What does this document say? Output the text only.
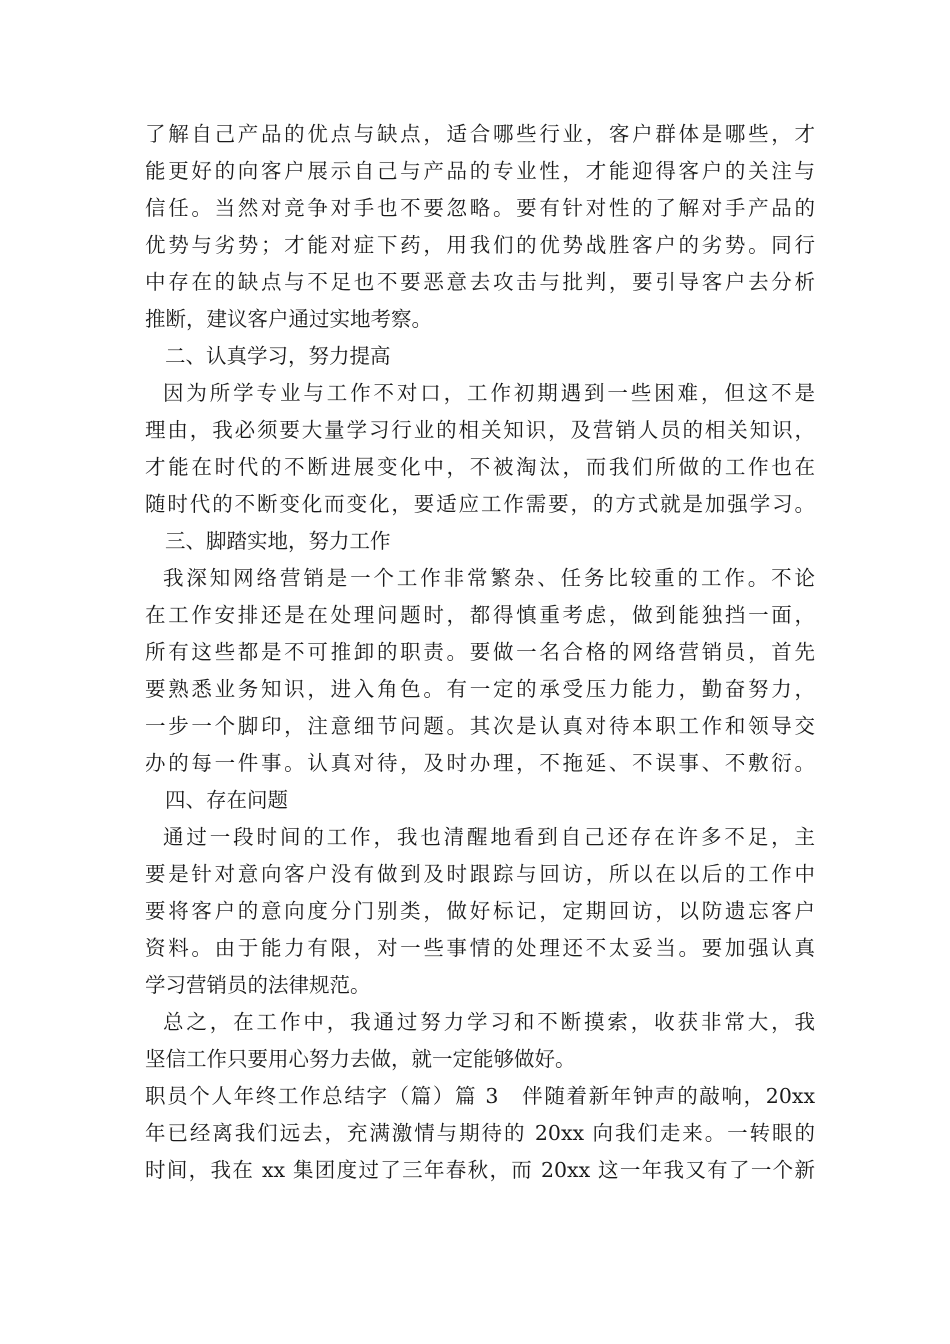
了解自己产品的优点与缺点，适合哪些行业，客户群体是哪些，才
能更好的向客户展示自己与产品的专业性，才能迎得客户的关注与
信任。当然对竞争对手也不要忽略。要有针对性的了解对手产品的
优势与劣势；才能对症下药，用我们的优势战胜客户的劣势。同行
中存在的缺点与不足也不要恶意去攻击与批判，要引导客户去分析
推断，建议客户通过实地考察。
二、认真学习，努力提高
因为所学专业与工作不对口，工作初期遇到一些困难，但这不是
理由，我必须要大量学习行业的相关知识，及营销人员的相关知识，
才能在时代的不断进展变化中，不被淘汰，而我们所做的工作也在
随时代的不断变化而变化，要适应工作需要，的方式就是加强学习。
三、脚踏实地，努力工作
我深知网络营销是一个工作非常繁杂、任务比较重的工作。不论
在工作安排还是在处理问题时，都得慎重考虑，做到能独挡一面，
所有这些都是不可推卸的职责。要做一名合格的网络营销员，首先
要熟悉业务知识，进入角色。有一定的承受压力能力，勤奋努力，
一步一个脚印，注意细节问题。其次是认真对待本职工作和领导交
办的每一件事。认真对待，及时办理，不拖延、不误事、不敷衍。
四、存在问题
通过一段时间的工作，我也清醒地看到自己还存在许多不足，主
要是针对意向客户没有做到及时跟踪与回访，所以在以后的工作中
要将客户的意向度分门别类，做好标记，定期回访，以防遗忘客户
资料。由于能力有限，对一些事情的处理还不太妥当。要加强认真
学习营销员的法律规范。
总之，在工作中，我通过努力学习和不断摸索，收获非常大，我
坚信工作只要用心努力去做，就一定能够做好。
职员个人年终工作总结字（篇）篇 3　伴随着新年钟声的敲响，20xx
年已经离我们远去，充满激情与期待的 20xx 向我们走来。一转眼的
时间，我在 xx 集团度过了三年春秋，而 20xx 这一年我又有了一个新
